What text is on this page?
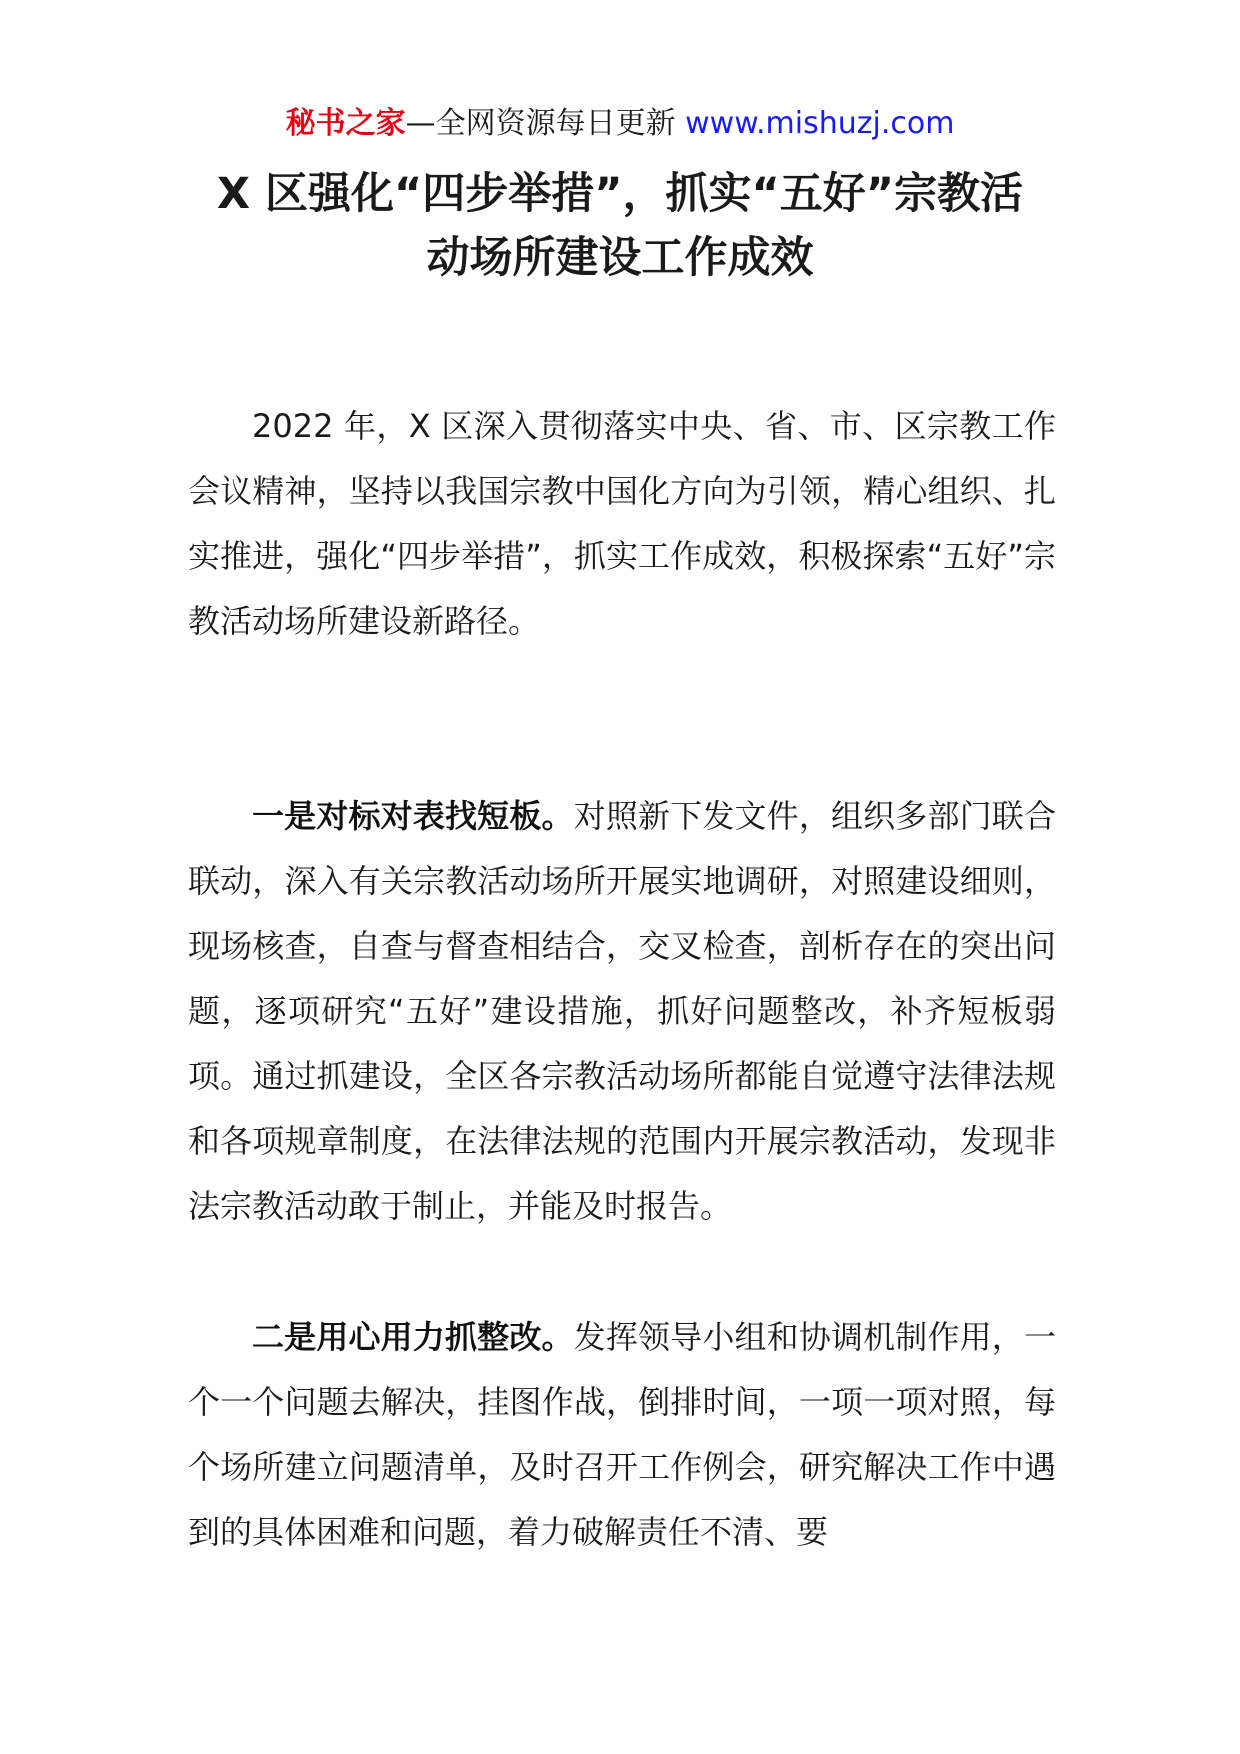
秘书之家—全网资源每日更新 www.mishuzj.com
X 区强化“四步举措”，抓实“五好”宗教活
动场所建设工作成效

2022 年，X 区深入贯彻落实中央、省、市、区宗教工作会议精神，坚持以我国宗教中国化方向为引领，精心组织、扎实推进，强化“四步举措”，抓实工作成效，积极探索“五好”宗教活动场所建设新路径。

一是对标对表找短板。对照新下发文件，组织多部门联合联动，深入有关宗教活动场所开展实地调研，对照建设细则，现场核查，自查与督查相结合，交叉检查，剖析存在的突出问题，逐项研究“五好”建设措施，抓好问题整改，补齐短板弱项。通过抓建设，全区各宗教活动场所都能自觉遵守法律法规和各项规章制度，在法律法规的范围内开展宗教活动，发现非法宗教活动敢于制止，并能及时报告。

二是用心用力抓整改。发挥领导小组和协调机制作用，一个一个问题去解决，挂图作战，倒排时间，一项一项对照，每个场所建立问题清单，及时召开工作例会，研究解决工作中遇到的具体困难和问题，着力破解责任不清、要
